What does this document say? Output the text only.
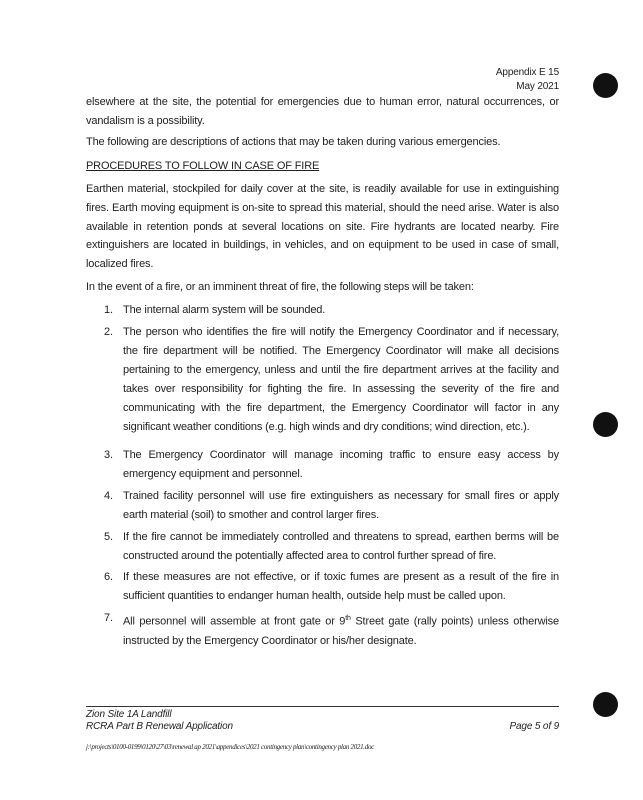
Appendix E 15
May 2021
elsewhere at the site, the potential for emergencies due to human error, natural occurrences, or vandalism is a possibility.
The following are descriptions of actions that may be taken during various emergencies.
PROCEDURES TO FOLLOW IN CASE OF FIRE
Earthen material, stockpiled for daily cover at the site, is readily available for use in extinguishing fires. Earth moving equipment is on-site to spread this material, should the need arise. Water is also available in retention ponds at several locations on site. Fire hydrants are located nearby. Fire extinguishers are located in buildings, in vehicles, and on equipment to be used in case of small, localized fires.
In the event of a fire, or an imminent threat of fire, the following steps will be taken:
1. The internal alarm system will be sounded.
2. The person who identifies the fire will notify the Emergency Coordinator and if necessary, the fire department will be notified. The Emergency Coordinator will make all decisions pertaining to the emergency, unless and until the fire department arrives at the facility and takes over responsibility for fighting the fire. In assessing the severity of the fire and communicating with the fire department, the Emergency Coordinator will factor in any significant weather conditions (e.g. high winds and dry conditions; wind direction, etc.).
3. The Emergency Coordinator will manage incoming traffic to ensure easy access by emergency equipment and personnel.
4. Trained facility personnel will use fire extinguishers as necessary for small fires or apply earth material (soil) to smother and control larger fires.
5. If the fire cannot be immediately controlled and threatens to spread, earthen berms will be constructed around the potentially affected area to control further spread of fire.
6. If these measures are not effective, or if toxic fumes are present as a result of the fire in sufficient quantities to endanger human health, outside help must be called upon.
7. All personnel will assemble at front gate or 9th Street gate (rally points) unless otherwise instructed by the Emergency Coordinator or his/her designate.
Zion Site 1A Landfill
RCRA Part B Renewal Application	Page 5 of 9
j:\projects\0100-0199\0120\27\03\renewal ap 2021\appendices\2021 contingency plan\contingency plan 2021.doc
